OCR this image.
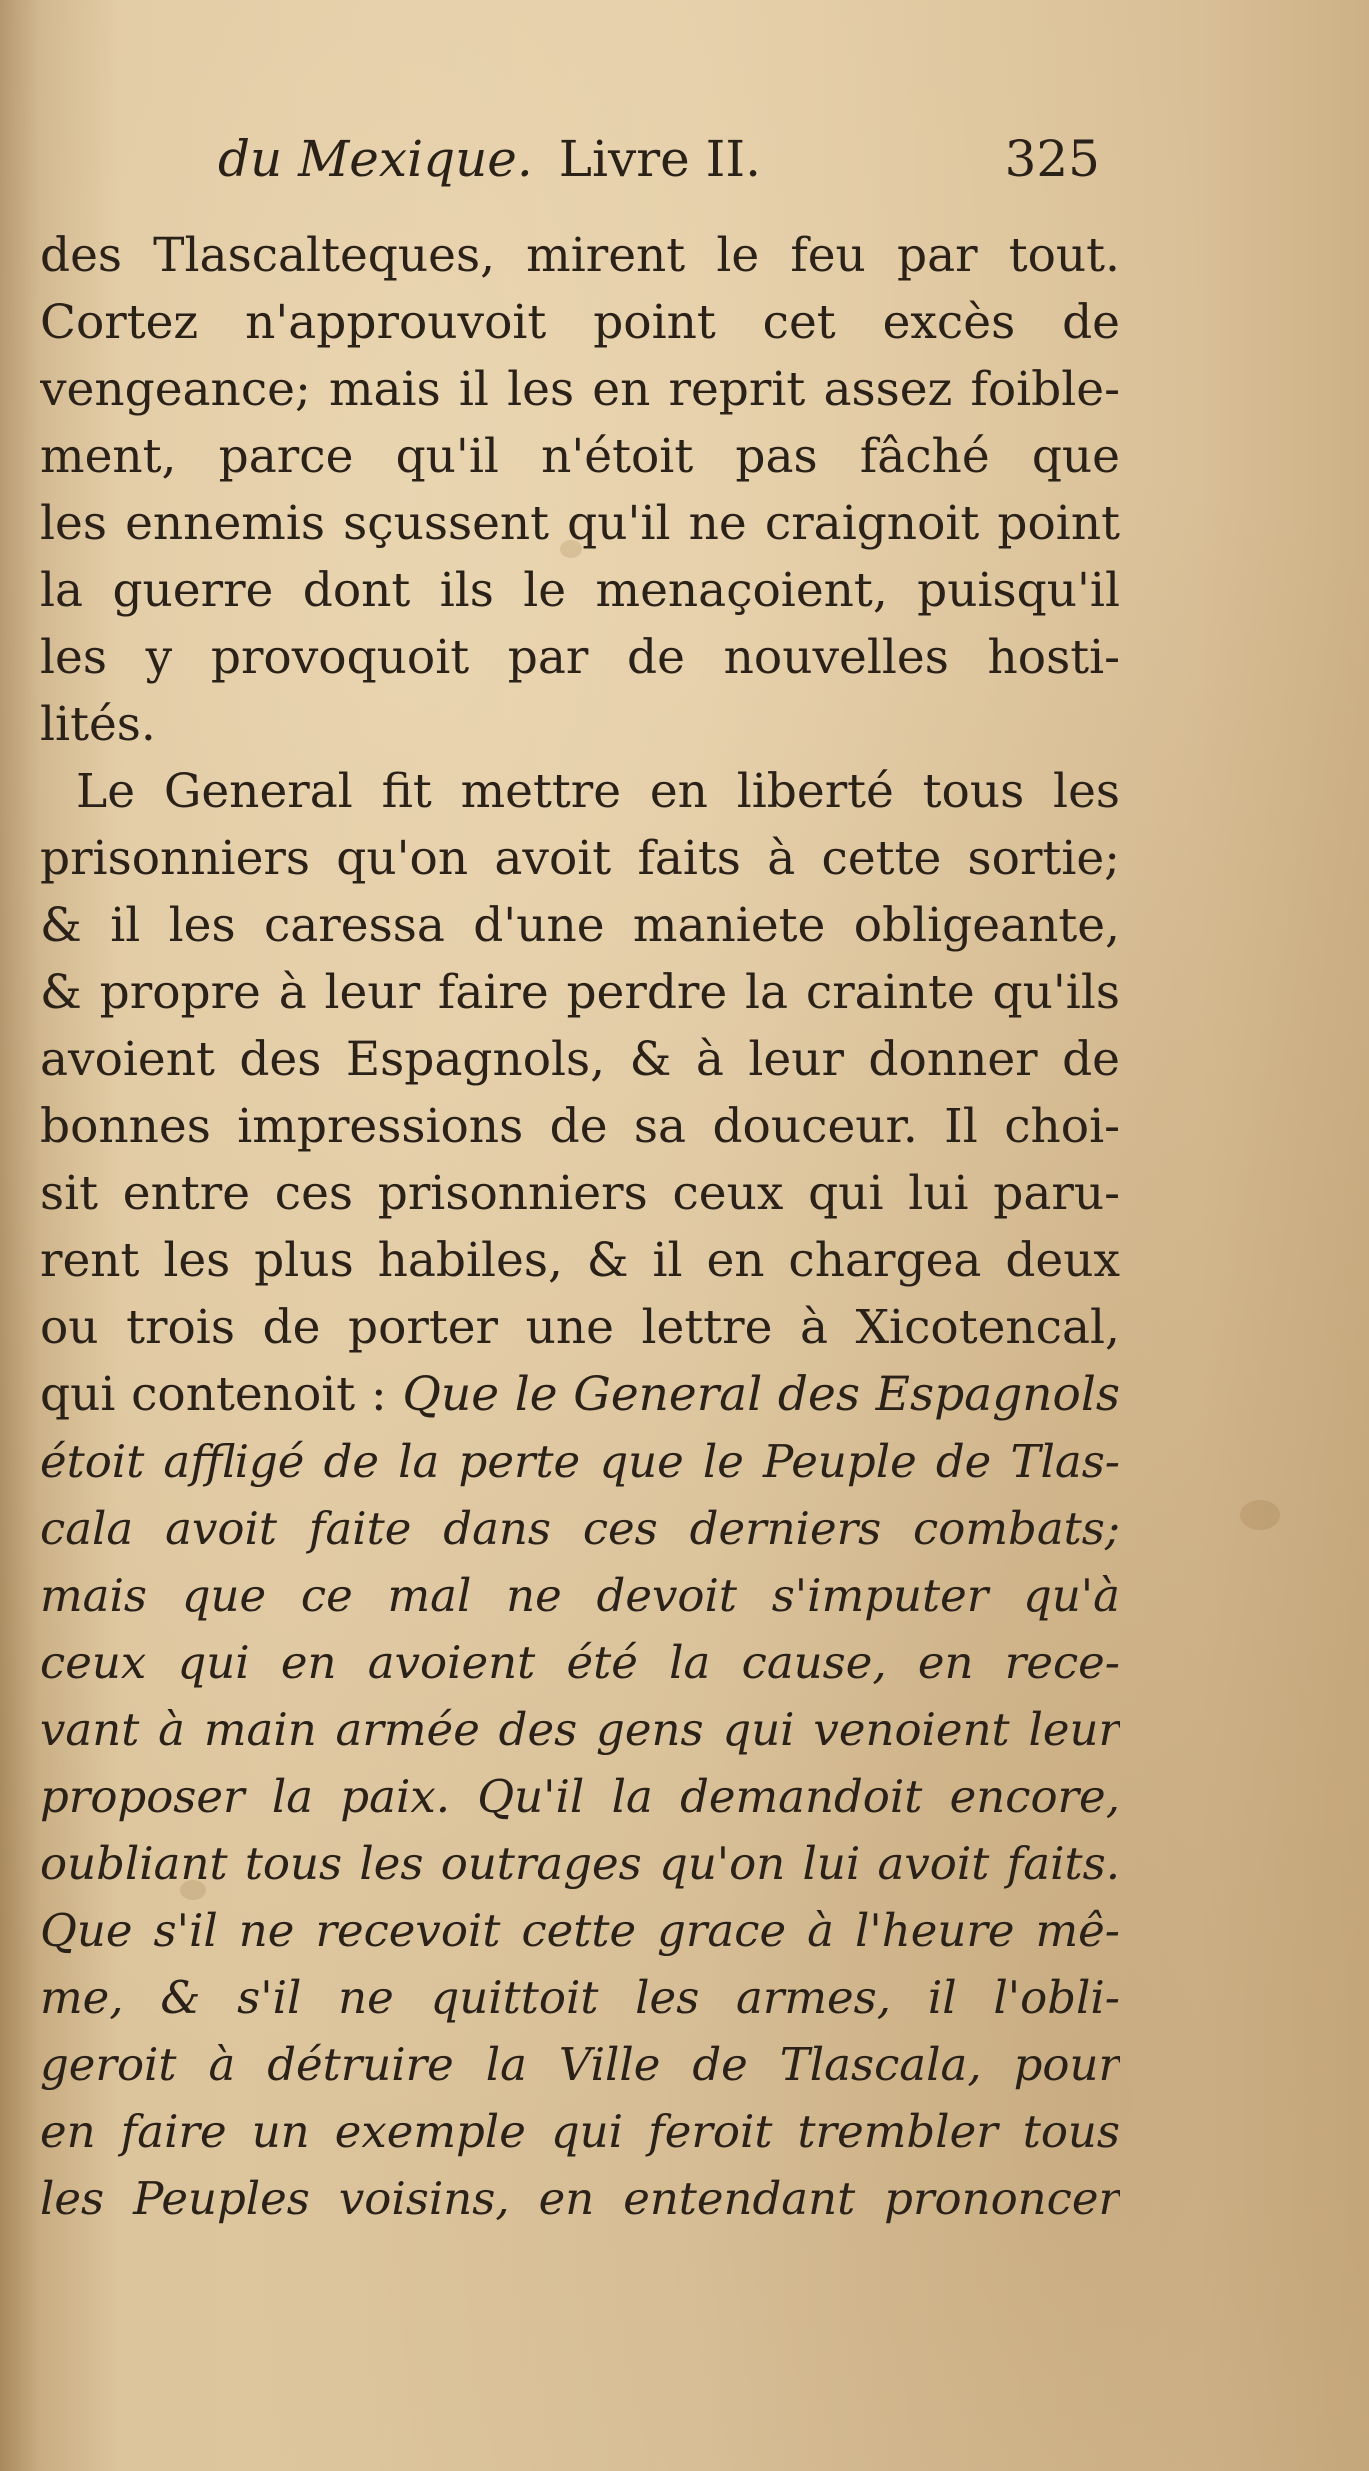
du Mexique. Livre II.	325
des Tlascalteques, mirent le feu par tout.
Cortez n'approuvoit point cet excès de
vengeance; mais il les en reprit assez foible-
ment, parce qu'il n'étoit pas fâché que
les ennemis sçussent qu'il ne craignoit point
la guerre dont ils le menaçoient, puisqu'il
les y provoquoit par de nouvelles hosti-
lités.
Le General fit mettre en liberté tous les
prisonniers qu'on avoit faits à cette sortie;
& il les caressa d'une maniete obligeante,
& propre à leur faire perdre la crainte qu'ils
avoient des Espagnols, & à leur donner de
bonnes impressions de sa douceur. Il choi-
sit entre ces prisonniers ceux qui lui paru-
rent les plus habiles, & il en chargea deux
ou trois de porter une lettre à Xicotencal,
qui contenoit : Que le General des Espagnols
étoit affligé de la perte que le Peuple de Tlas-
cala avoit faite dans ces derniers combats;
mais que ce mal ne devoit s'imputer qu'à
ceux qui en avoient été la cause, en rece-
vant à main armée des gens qui venoient leur
proposer la paix. Qu'il la demandoit encore,
oubliant tous les outrages qu'on lui avoit faits.
Que s'il ne recevoit cette grace à l'heure mê-
me, & s'il ne quittoit les armes, il l'obli-
geroit à détruire la Ville de Tlascala, pour
en faire un exemple qui feroit trembler tous
les Peuples voisins, en entendant prononcer
